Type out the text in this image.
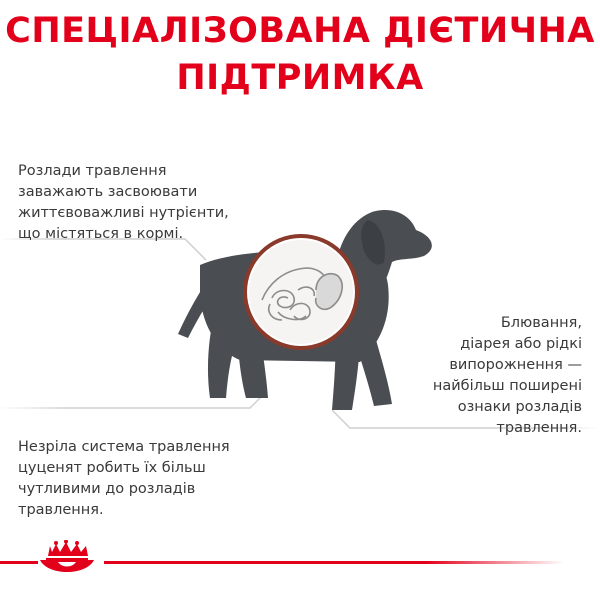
СПЕЦІАЛІЗОВАНА ДІЄТИЧНА
ПІДТРИМКА
Розлади травлення
заважають засвоювати
життєвоважливі нутрієнти,
що містяться в кормі.
Блювання,
діарея або рідкі
випорожнення —
найбільш поширені
ознаки розладів
травлення.
Незріла система травлення
цуценят робить їх більш
чутливими до розладів
травлення.
